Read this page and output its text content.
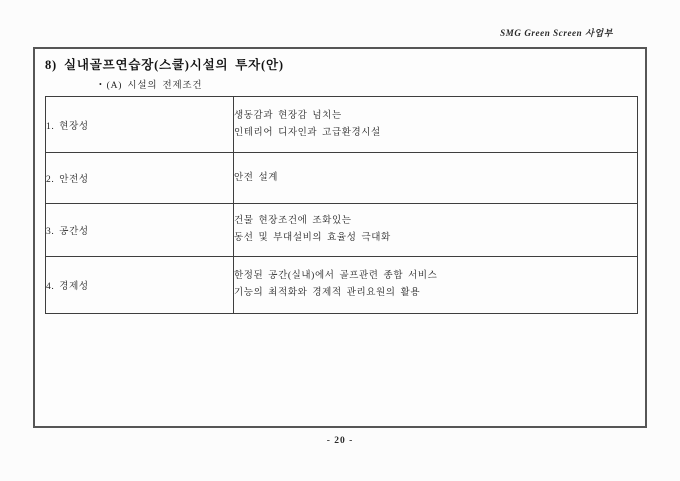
SMG Green Screen 사업부
8) 실내골프연습장(스쿨)시설의 투자(안)
• (A) 시설의 전제조건
1. 현장성	생동감과 현장감 넘치는
인테리어 디자인과 고급환경시설

2. 안전성	안전 설계

3. 공간성	건물 현장조건에 조화있는
동선 및 부대설비의 효율성 극대화

4. 경제성	한정된 공간(실내)에서 골프관련 종합 서비스
기능의 최적화와 경제적 관리요원의 활용
- 20 -
